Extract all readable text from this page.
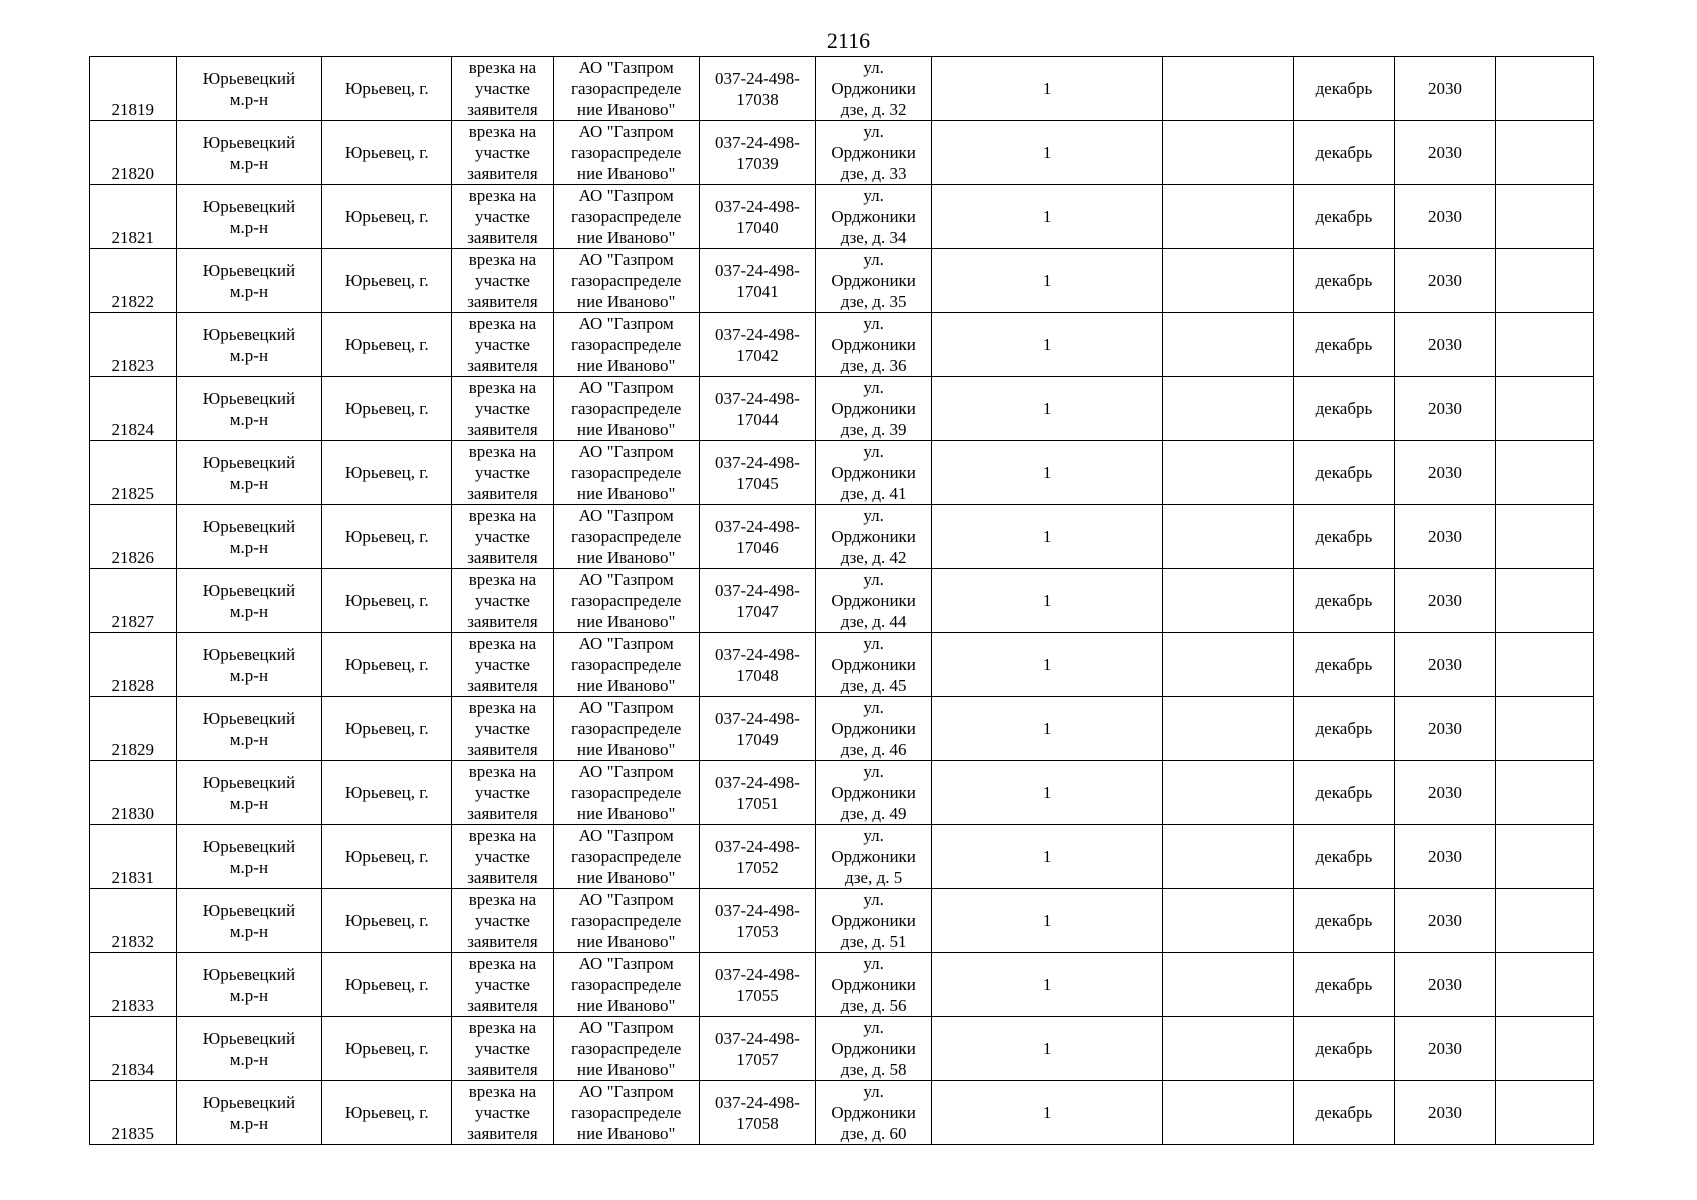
2116
21819	Юрьевецкий
м.р-н	Юрьевец, г.	врезка на
участке
заявителя	АО "Газпром
газораспределе
ние Иваново"	037-24-498-
17038	ул.
Орджоники
дзе, д. 32	1		декабрь	2030	
21820	Юрьевецкий
м.р-н	Юрьевец, г.	врезка на
участке
заявителя	АО "Газпром
газораспределе
ние Иваново"	037-24-498-
17039	ул.
Орджоники
дзе, д. 33	1		декабрь	2030	
21821	Юрьевецкий
м.р-н	Юрьевец, г.	врезка на
участке
заявителя	АО "Газпром
газораспределе
ние Иваново"	037-24-498-
17040	ул.
Орджоники
дзе, д. 34	1		декабрь	2030	
21822	Юрьевецкий
м.р-н	Юрьевец, г.	врезка на
участке
заявителя	АО "Газпром
газораспределе
ние Иваново"	037-24-498-
17041	ул.
Орджоники
дзе, д. 35	1		декабрь	2030	
21823	Юрьевецкий
м.р-н	Юрьевец, г.	врезка на
участке
заявителя	АО "Газпром
газораспределе
ние Иваново"	037-24-498-
17042	ул.
Орджоники
дзе, д. 36	1		декабрь	2030	
21824	Юрьевецкий
м.р-н	Юрьевец, г.	врезка на
участке
заявителя	АО "Газпром
газораспределе
ние Иваново"	037-24-498-
17044	ул.
Орджоники
дзе, д. 39	1		декабрь	2030	
21825	Юрьевецкий
м.р-н	Юрьевец, г.	врезка на
участке
заявителя	АО "Газпром
газораспределе
ние Иваново"	037-24-498-
17045	ул.
Орджоники
дзе, д. 41	1		декабрь	2030	
21826	Юрьевецкий
м.р-н	Юрьевец, г.	врезка на
участке
заявителя	АО "Газпром
газораспределе
ние Иваново"	037-24-498-
17046	ул.
Орджоники
дзе, д. 42	1		декабрь	2030	
21827	Юрьевецкий
м.р-н	Юрьевец, г.	врезка на
участке
заявителя	АО "Газпром
газораспределе
ние Иваново"	037-24-498-
17047	ул.
Орджоники
дзе, д. 44	1		декабрь	2030	
21828	Юрьевецкий
м.р-н	Юрьевец, г.	врезка на
участке
заявителя	АО "Газпром
газораспределе
ние Иваново"	037-24-498-
17048	ул.
Орджоники
дзе, д. 45	1		декабрь	2030	
21829	Юрьевецкий
м.р-н	Юрьевец, г.	врезка на
участке
заявителя	АО "Газпром
газораспределе
ние Иваново"	037-24-498-
17049	ул.
Орджоники
дзе, д. 46	1		декабрь	2030	
21830	Юрьевецкий
м.р-н	Юрьевец, г.	врезка на
участке
заявителя	АО "Газпром
газораспределе
ние Иваново"	037-24-498-
17051	ул.
Орджоники
дзе, д. 49	1		декабрь	2030	
21831	Юрьевецкий
м.р-н	Юрьевец, г.	врезка на
участке
заявителя	АО "Газпром
газораспределе
ние Иваново"	037-24-498-
17052	ул.
Орджоники
дзе, д. 5	1		декабрь	2030	
21832	Юрьевецкий
м.р-н	Юрьевец, г.	врезка на
участке
заявителя	АО "Газпром
газораспределе
ние Иваново"	037-24-498-
17053	ул.
Орджоники
дзе, д. 51	1		декабрь	2030	
21833	Юрьевецкий
м.р-н	Юрьевец, г.	врезка на
участке
заявителя	АО "Газпром
газораспределе
ние Иваново"	037-24-498-
17055	ул.
Орджоники
дзе, д. 56	1		декабрь	2030	
21834	Юрьевецкий
м.р-н	Юрьевец, г.	врезка на
участке
заявителя	АО "Газпром
газораспределе
ние Иваново"	037-24-498-
17057	ул.
Орджоники
дзе, д. 58	1		декабрь	2030	
21835	Юрьевецкий
м.р-н	Юрьевец, г.	врезка на
участке
заявителя	АО "Газпром
газораспределе
ние Иваново"	037-24-498-
17058	ул.
Орджоники
дзе, д. 60	1		декабрь	2030	
